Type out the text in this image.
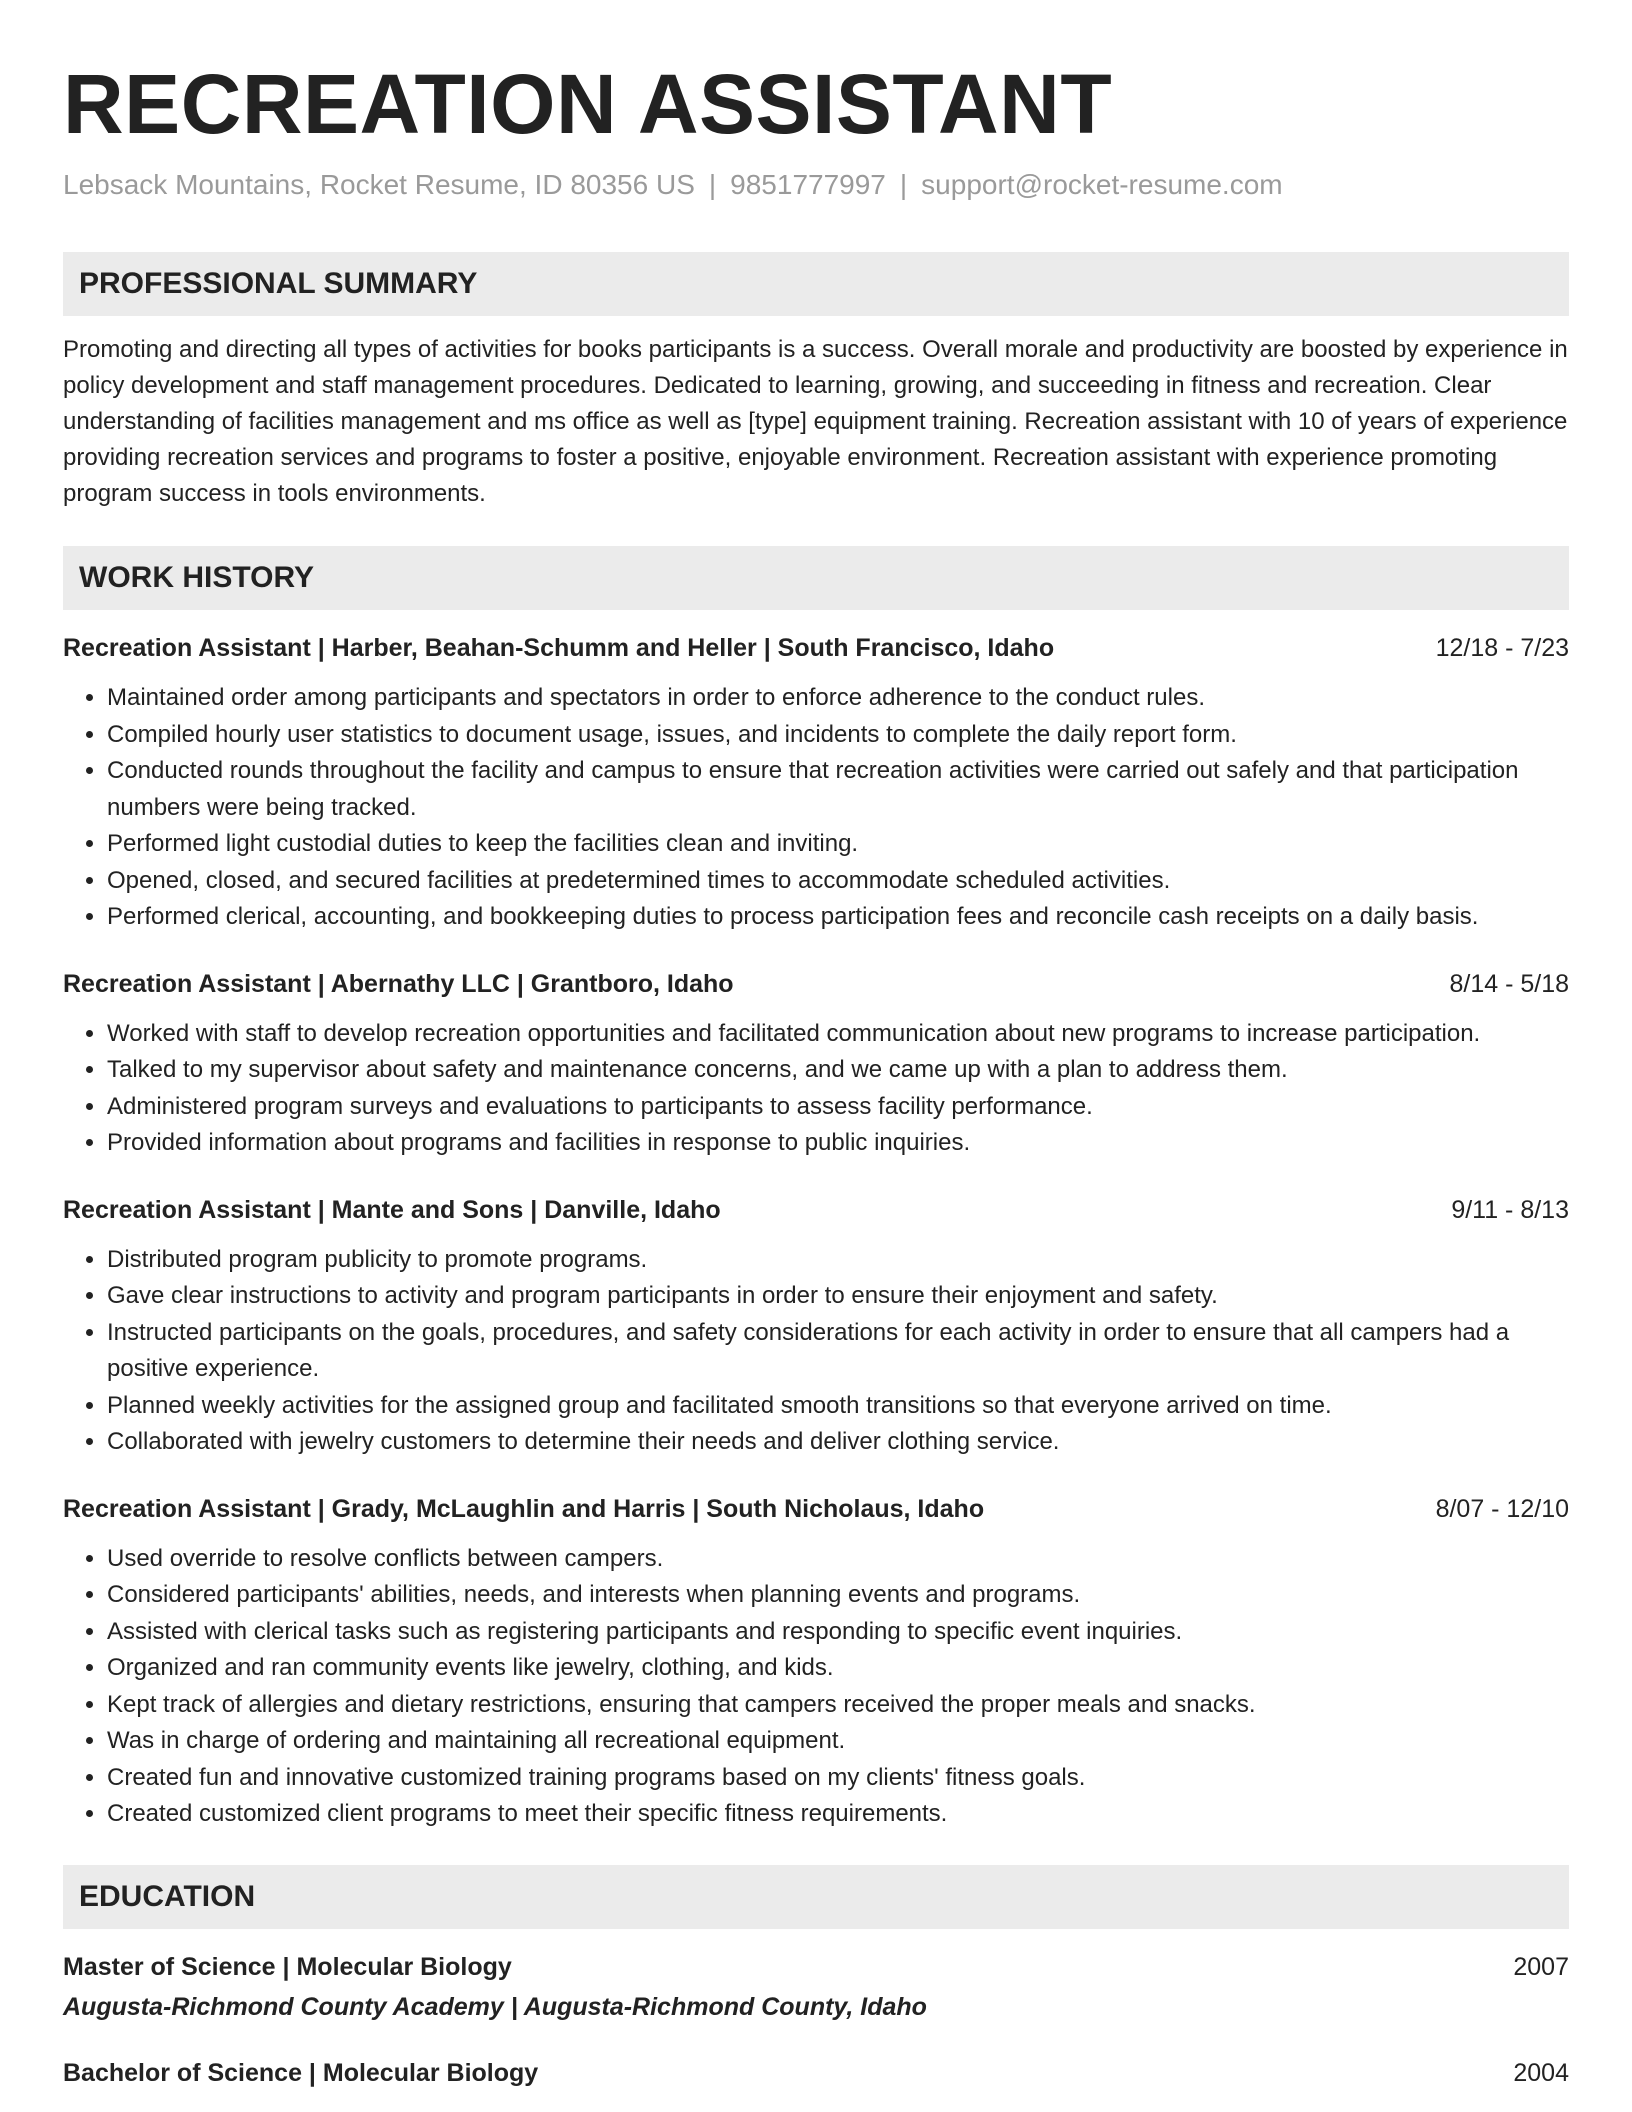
RECREATION ASSISTANT
Lebsack Mountains, Rocket Resume, ID 80356 US | 9851777997 | support@rocket-resume.com
PROFESSIONAL SUMMARY
Promoting and directing all types of activities for books participants is a success. Overall morale and productivity are boosted by experience in policy development and staff management procedures. Dedicated to learning, growing, and succeeding in fitness and recreation. Clear understanding of facilities management and ms office as well as [type] equipment training. Recreation assistant with 10 of years of experience providing recreation services and programs to foster a positive, enjoyable environment. Recreation assistant with experience promoting program success in tools environments.
WORK HISTORY
Recreation Assistant | Harber, Beahan-Schumm and Heller | South Francisco, Idaho	12/18 - 7/23
• Maintained order among participants and spectators in order to enforce adherence to the conduct rules.
• Compiled hourly user statistics to document usage, issues, and incidents to complete the daily report form.
• Conducted rounds throughout the facility and campus to ensure that recreation activities were carried out safely and that participation numbers were being tracked.
• Performed light custodial duties to keep the facilities clean and inviting.
• Opened, closed, and secured facilities at predetermined times to accommodate scheduled activities.
• Performed clerical, accounting, and bookkeeping duties to process participation fees and reconcile cash receipts on a daily basis.
Recreation Assistant | Abernathy LLC | Grantboro, Idaho	8/14 - 5/18
• Worked with staff to develop recreation opportunities and facilitated communication about new programs to increase participation.
• Talked to my supervisor about safety and maintenance concerns, and we came up with a plan to address them.
• Administered program surveys and evaluations to participants to assess facility performance.
• Provided information about programs and facilities in response to public inquiries.
Recreation Assistant | Mante and Sons | Danville, Idaho	9/11 - 8/13
• Distributed program publicity to promote programs.
• Gave clear instructions to activity and program participants in order to ensure their enjoyment and safety.
• Instructed participants on the goals, procedures, and safety considerations for each activity in order to ensure that all campers had a positive experience.
• Planned weekly activities for the assigned group and facilitated smooth transitions so that everyone arrived on time.
• Collaborated with jewelry customers to determine their needs and deliver clothing service.
Recreation Assistant | Grady, McLaughlin and Harris | South Nicholaus, Idaho	8/07 - 12/10
• Used override to resolve conflicts between campers.
• Considered participants' abilities, needs, and interests when planning events and programs.
• Assisted with clerical tasks such as registering participants and responding to specific event inquiries.
• Organized and ran community events like jewelry, clothing, and kids.
• Kept track of allergies and dietary restrictions, ensuring that campers received the proper meals and snacks.
• Was in charge of ordering and maintaining all recreational equipment.
• Created fun and innovative customized training programs based on my clients' fitness goals.
• Created customized client programs to meet their specific fitness requirements.
EDUCATION
Master of Science | Molecular Biology	2007
Augusta-Richmond County Academy | Augusta-Richmond County, Idaho
Bachelor of Science | Molecular Biology	2004
